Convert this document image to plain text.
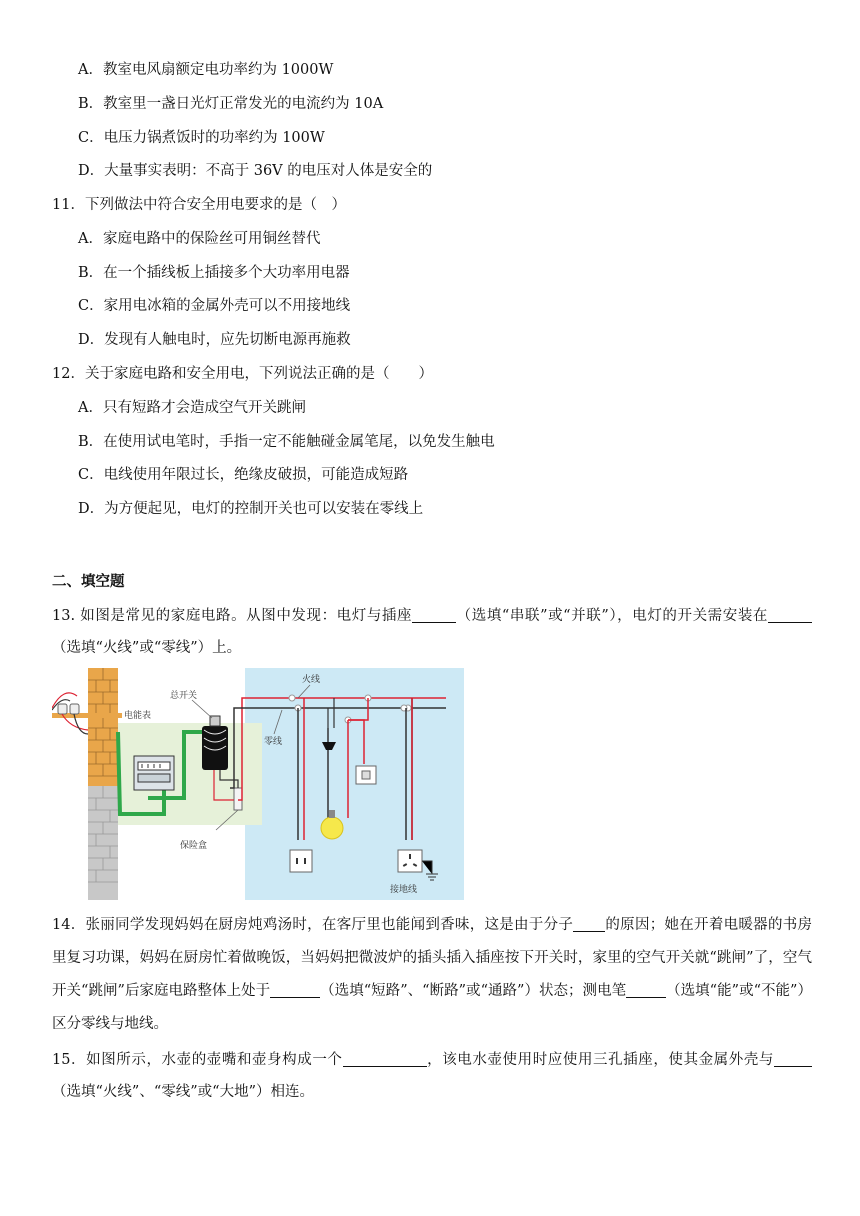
A．教室电风扇额定电功率约为 1000W
B．教室里一盏日光灯正常发光的电流约为 10A
C．电压力锅煮饭时的功率约为 100W
D．大量事实表明：不高于 36V 的电压对人体是安全的
11．下列做法中符合安全用电要求的是（　）
A．家庭电路中的保险丝可用铜丝替代
B．在一个插线板上插接多个大功率用电器
C．家用电冰箱的金属外壳可以不用接地线
D．发现有人触电时，应先切断电源再施救
12．关于家庭电路和安全用电，下列说法正确的是（　　）
A．只有短路才会造成空气开关跳闸
B．在使用试电笔时，手指一定不能触碰金属笔尾，以免发生触电
C．电线使用年限过长，绝缘皮破损，可能造成短路
D．为方便起见，电灯的控制开关也可以安装在零线上
二、填空题
13. 如图是常见的家庭电路。从图中发现：电灯与插座	（选填“串联”或“并联”），电灯的开关需安装在（选填“火线”或“零线”）上。
电能表
总开关
保险盒
火线
零线
接地线
14．张丽同学发现妈妈在厨房炖鸡汤时，在客厅里也能闻到香味，这是由于分子 的原因；她在开着电暖器的书房里复习功课，妈妈在厨房忙着做晚饭，当妈妈把微波炉的插头插入插座按下开关时，家里的空气开关就“跳闸”了，空气开关“跳闸”后家庭电路整体上处于	（选填“短路”、“断路”或“通路”）状态；测电笔	（选填“能”或“不能”）区分零线与地线。
15．如图所示，水壶的壶嘴和壶身构成一个	，该电水壶使用时应使用三孔插座，使其金属外壳与（选填“火线”、“零线”或“大地”）相连。
